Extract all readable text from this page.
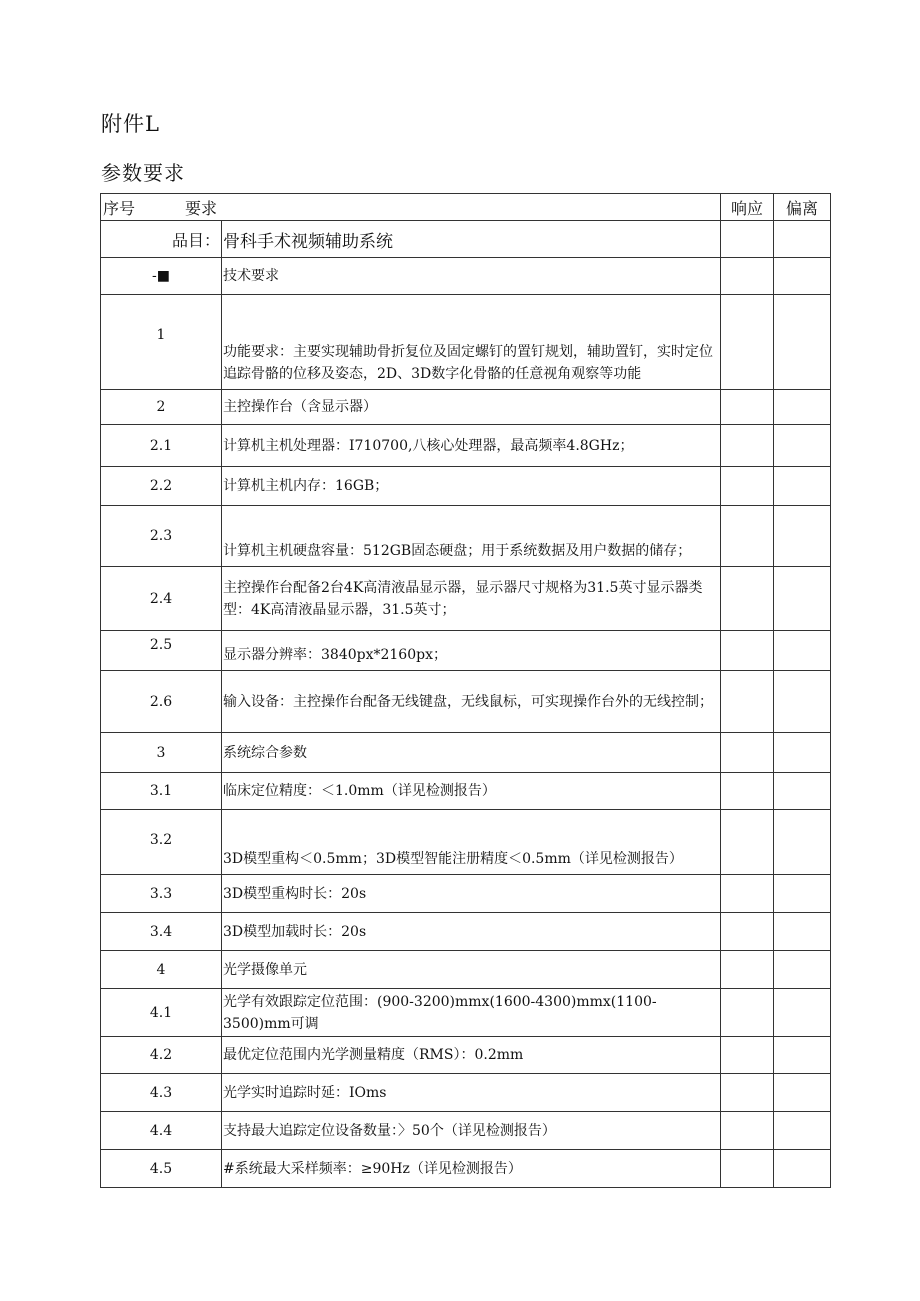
附件L
参数要求
序号 要求		响应	偏离
品目：	骨科手术视频辅助系统		
-■	技术要求		
1	功能要求：主要实现辅助骨折复位及固定螺钉的置钉规划，辅助置钉，实时定位追踪骨骼的位移及姿态，2D、3D数字化骨骼的任意视角观察等功能		
2	主控操作台（含显示器）		
2.1	计算机主机处理器：I710700,八核心处理器，最高频率4.8GHz；		
2.2	计算机主机内存：16GB；		
2.3	计算机主机硬盘容量：512GB固态硬盘；用于系统数据及用户数据的储存；		
2.4	主控操作台配备2台4K高清液晶显示器，显示器尺寸规格为31.5英寸显示器类型：4K高清液晶显示器，31.5英寸；		
2.5	显示器分辨率：3840px*2160px；		
2.6	输入设备：主控操作台配备无线键盘，无线鼠标，可实现操作台外的无线控制；		
3	系统综合参数		
3.1	临床定位精度：＜1.0mm（详见检测报告）		
3.2	3D模型重构＜0.5mm；3D模型智能注册精度＜0.5mm（详见检测报告）		
3.3	3D模型重构时长：20s		
3.4	3D模型加载时长：20s		
4	光学摄像单元		
4.1	光学有效跟踪定位范围：(900-3200)mmx(1600-4300)mmx(1100-3500)mm可调		
4.2	最优定位范围内光学测量精度（RMS）：0.2mm		
4.3	光学实时追踪时延：IOms		
4.4	支持最大追踪定位设备数量：〉50个（详见检测报告）		
4.5	#系统最大采样频率：≥90Hz（详见检测报告）		
